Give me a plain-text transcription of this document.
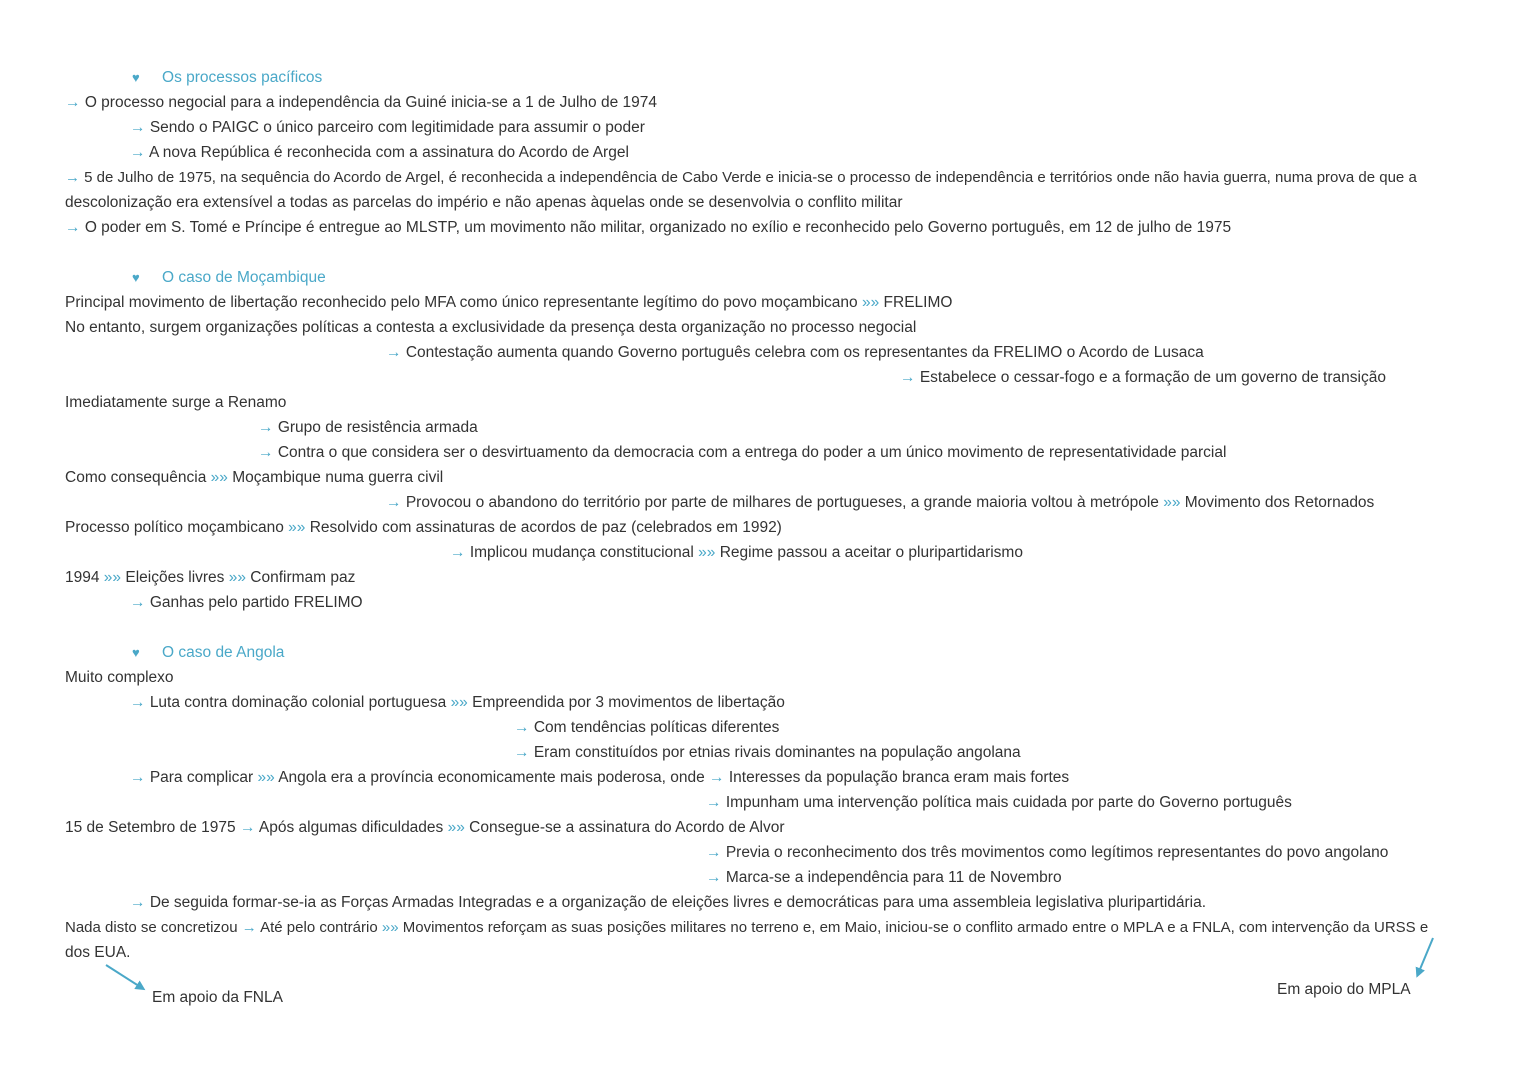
♥ Os processos pacíficos
→ O processo negocial para a independência da Guiné inicia-se a 1 de Julho de 1974
→ Sendo o PAIGC o único parceiro com legitimidade para assumir o poder
→ A nova República é reconhecida com a assinatura do Acordo de Argel
→ 5 de Julho de 1975, na sequência do Acordo de Argel, é reconhecida a independência de Cabo Verde e inicia-se o processo de independência e territórios onde não havia guerra, numa prova de que a
descolonização era extensível a todas as parcelas do império e não apenas àquelas onde se desenvolvia o conflito militar
→ O poder em S. Tomé e Príncipe é entregue ao MLSTP, um movimento não militar, organizado no exílio e reconhecido pelo Governo português, em 12 de julho de 1975
♥ O caso de Moçambique
Principal movimento de libertação reconhecido pelo MFA como único representante legítimo do povo moçambicano »» FRELIMO
No entanto, surgem organizações políticas a contesta a exclusividade da presença desta organização no processo negocial
→ Contestação aumenta quando Governo português celebra com os representantes da FRELIMO o Acordo de Lusaca
→ Estabelece o cessar-fogo e a formação de um governo de transição
Imediatamente surge a Renamo
→ Grupo de resistência armada
→ Contra o que considera ser o desvirtuamento da democracia com a entrega do poder a um único movimento de representatividade parcial
Como consequência »» Moçambique numa guerra civil
→ Provocou o abandono do território por parte de milhares de portugueses, a grande maioria voltou à metrópole »» Movimento dos Retornados
Processo político moçambicano »» Resolvido com assinaturas de acordos de paz (celebrados em 1992)
→ Implicou mudança constitucional »» Regime passou a aceitar o pluripartidarismo
1994 »» Eleições livres »» Confirmam paz
→ Ganhas pelo partido FRELIMO
♥ O caso de Angola
Muito complexo
→ Luta contra dominação colonial portuguesa »» Empreendida por 3 movimentos de libertação
→ Com tendências políticas diferentes
→ Eram constituídos por etnias rivais dominantes na população angolana
→ Para complicar »» Angola era a província economicamente mais poderosa, onde → Interesses da população branca eram mais fortes
→ Impunham uma intervenção política mais cuidada por parte do Governo português
15 de Setembro de 1975 → Após algumas dificuldades »» Consegue-se a assinatura do Acordo de Alvor
→ Previa o reconhecimento dos três movimentos como legítimos representantes do povo angolano
→ Marca-se a independência para 11 de Novembro
→ De seguida formar-se-ia as Forças Armadas Integradas e a organização de eleições livres e democráticas para uma assembleia legislativa pluripartidária.
Nada disto se concretizou → Até pelo contrário »» Movimentos reforçam as suas posições militares no terreno e, em Maio, iniciou-se o conflito armado entre o MPLA e a FNLA, com intervenção da URSS e
dos EUA.
Em apoio da FNLA	Em apoio do MPLA
